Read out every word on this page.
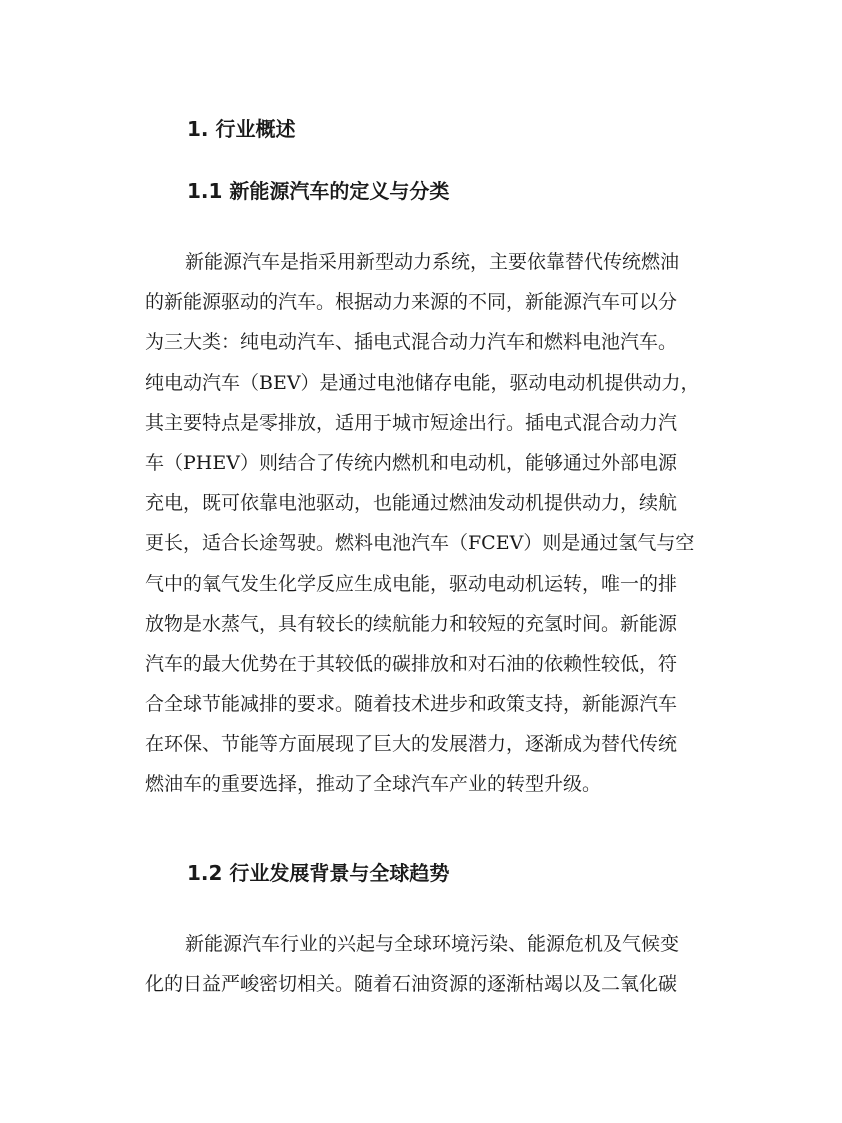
1. 行业概述
1.1 新能源汽车的定义与分类

新能源汽车是指采用新型动力系统，主要依靠替代传统燃油
的新能源驱动的汽车。根据动力来源的不同，新能源汽车可以分
为三大类：纯电动汽车、插电式混合动力汽车和燃料电池汽车。
纯电动汽车（BEV）是通过电池储存电能，驱动电动机提供动力，
其主要特点是零排放，适用于城市短途出行。插电式混合动力汽
车（PHEV）则结合了传统内燃机和电动机，能够通过外部电源
充电，既可依靠电池驱动，也能通过燃油发动机提供动力，续航
更长，适合长途驾驶。燃料电池汽车（FCEV）则是通过氢气与空
气中的氧气发生化学反应生成电能，驱动电动机运转，唯一的排
放物是水蒸气，具有较长的续航能力和较短的充氢时间。新能源
汽车的最大优势在于其较低的碳排放和对石油的依赖性较低，符
合全球节能减排的要求。随着技术进步和政策支持，新能源汽车
在环保、节能等方面展现了巨大的发展潜力，逐渐成为替代传统
燃油车的重要选择，推动了全球汽车产业的转型升级。

1.2 行业发展背景与全球趋势

新能源汽车行业的兴起与全球环境污染、能源危机及气候变
化的日益严峻密切相关。随着石油资源的逐渐枯竭以及二氧化碳
